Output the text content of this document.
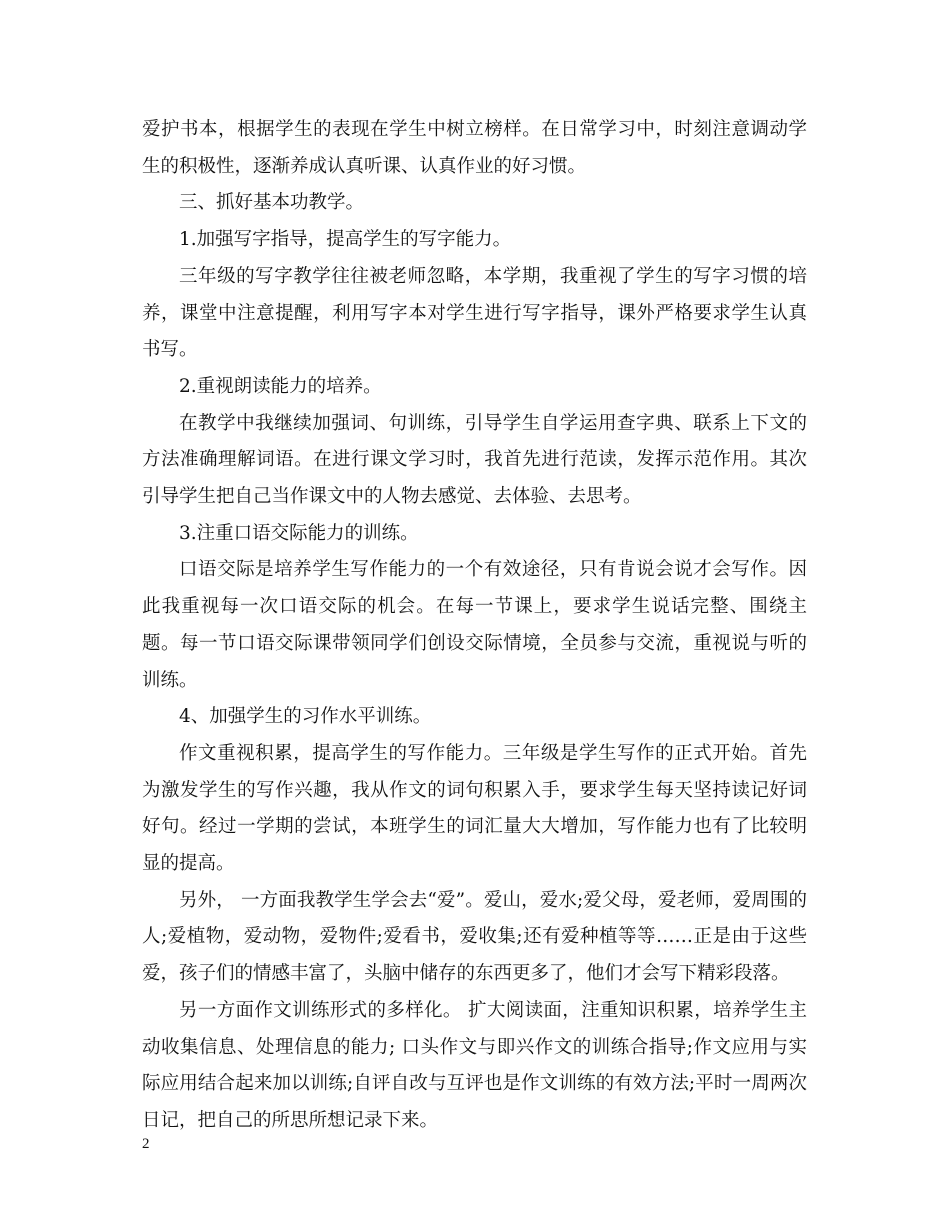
爱护书本，根据学生的表现在学生中树立榜样。在日常学习中，时刻注意调动学生的积极性，逐渐养成认真听课、认真作业的好习惯。

三、抓好基本功教学。

1.加强写字指导，提高学生的写字能力。

三年级的写字教学往往被老师忽略，本学期，我重视了学生的写字习惯的培养，课堂中注意提醒，利用写字本对学生进行写字指导，课外严格要求学生认真书写。

2.重视朗读能力的培养。

在教学中我继续加强词、句训练，引导学生自学运用查字典、联系上下文的方法准确理解词语。在进行课文学习时，我首先进行范读，发挥示范作用。其次引导学生把自己当作课文中的人物去感觉、去体验、去思考。

3.注重口语交际能力的训练。

口语交际是培养学生写作能力的一个有效途径，只有肯说会说才会写作。因此我重视每一次口语交际的机会。在每一节课上，要求学生说话完整、围绕主题。每一节口语交际课带领同学们创设交际情境，全员参与交流，重视说与听的训练。

4、加强学生的习作水平训练。

作文重视积累，提高学生的写作能力。三年级是学生写作的正式开始。首先为激发学生的写作兴趣，我从作文的词句积累入手，要求学生每天坚持读记好词好句。经过一学期的尝试，本班学生的词汇量大大增加，写作能力也有了比较明显的提高。

另外， 一方面我教学生学会去“爱”。爱山，爱水;爱父母，爱老师，爱周围的人;爱植物，爱动物，爱物件;爱看书，爱收集;还有爱种植等等……正是由于这些爱，孩子们的情感丰富了，头脑中储存的东西更多了，他们才会写下精彩段落。

另一方面作文训练形式的多样化。 扩大阅读面，注重知识积累，培养学生主动收集信息、处理信息的能力; 口头作文与即兴作文的训练合指导;作文应用与实际应用结合起来加以训练;自评自改与互评也是作文训练的有效方法;平时一周两次日记，把自己的所思所想记录下来。

2
